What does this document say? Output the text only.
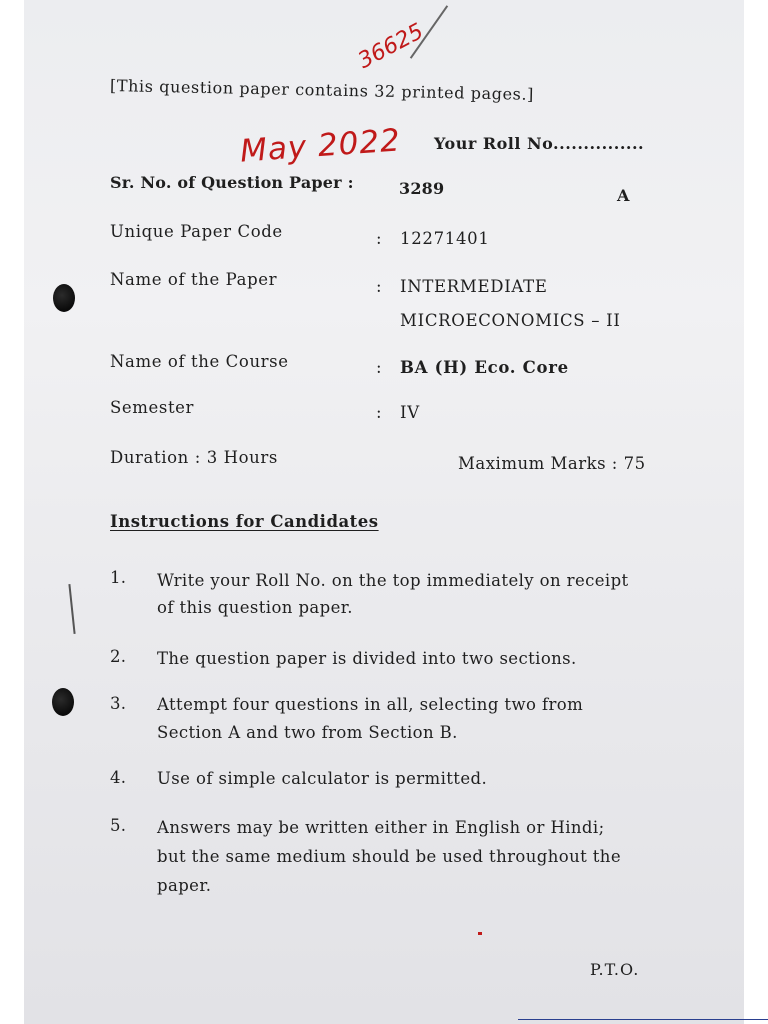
36625
May 2022
[This question paper contains 32 printed pages.]
Your Roll No...............
Sr. No. of Question Paper :	3289	A
Unique Paper Code	: 12271401
Name of the Paper	: INTERMEDIATE
MICROECONOMICS – II
Name of the Course	: BA (H) Eco. Core
Semester	: IV
Duration : 3 Hours	Maximum Marks : 75
Instructions for Candidates
1. Write your Roll No. on the top immediately on receipt
of this question paper.
2. The question paper is divided into two sections.
3. Attempt four questions in all, selecting two from
Section A and two from Section B.
4. Use of simple calculator is permitted.
5. Answers may be written either in English or Hindi;
but the same medium should be used throughout the
paper.
P.T.O.
